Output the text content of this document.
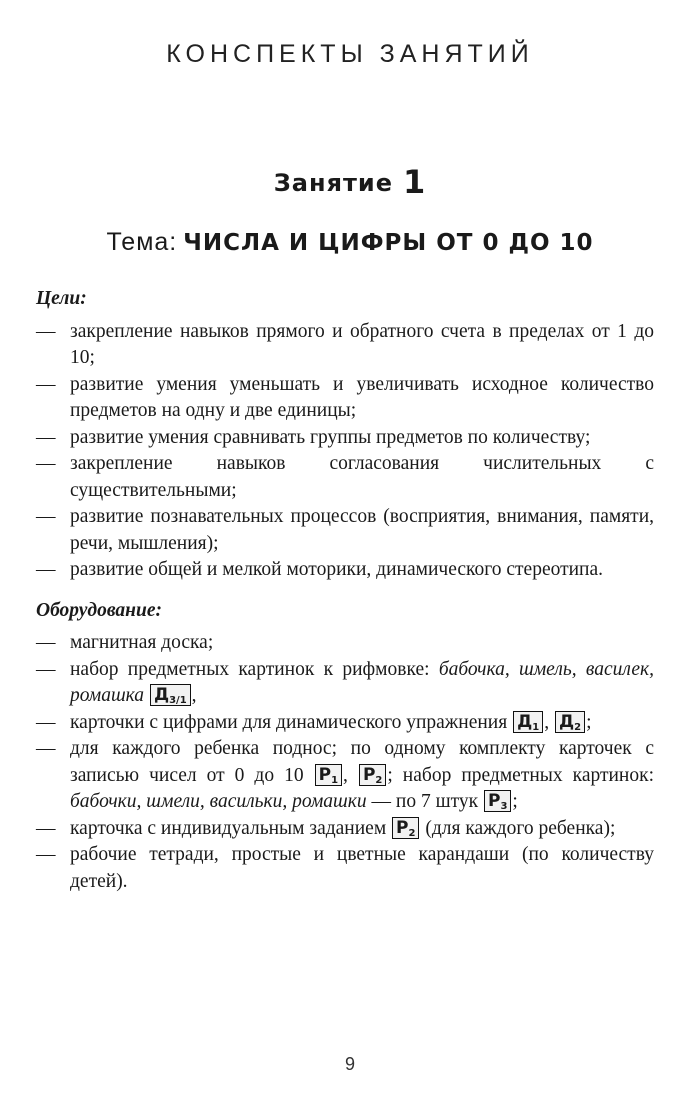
КОНСПЕКТЫ ЗАНЯТИЙ
Занятие 1
Тема: ЧИСЛА И ЦИФРЫ ОТ 0 ДО 10
Цели:
— закрепление навыков прямого и обратного счета в пределах от 1 до 10;
— развитие умения уменьшать и увеличивать исходное количество предметов на одну и две единицы;
— развитие умения сравнивать группы предметов по количеству;
— закрепление навыков согласования числительных с существительными;
— развитие познавательных процессов (восприятия, внимания, памяти, речи, мышления);
— развитие общей и мелкой моторики, динамического стереотипа.
Оборудование:
— магнитная доска;
— набор предметных картинок к рифмовке: бабочка, шмель, василек, ромашка $Д_{3/1}$ ,
— карточки с цифрами для динамического упражнения $Д_1$ , $Д_2$ ;
— для каждого ребенка поднос; по одному комплекту карточек с записью чисел от 0 до 10 $Р_1$ , $Р_2$ ; набор предметных картинок: бабочки, шмели, васильки, ромашки — по 7 штук $Р_3$ ;
— карточка с индивидуальным заданием $Р_2$ (для каждого ребенка);
— рабочие тетради, простые и цветные карандаши (по количеству детей).
9
